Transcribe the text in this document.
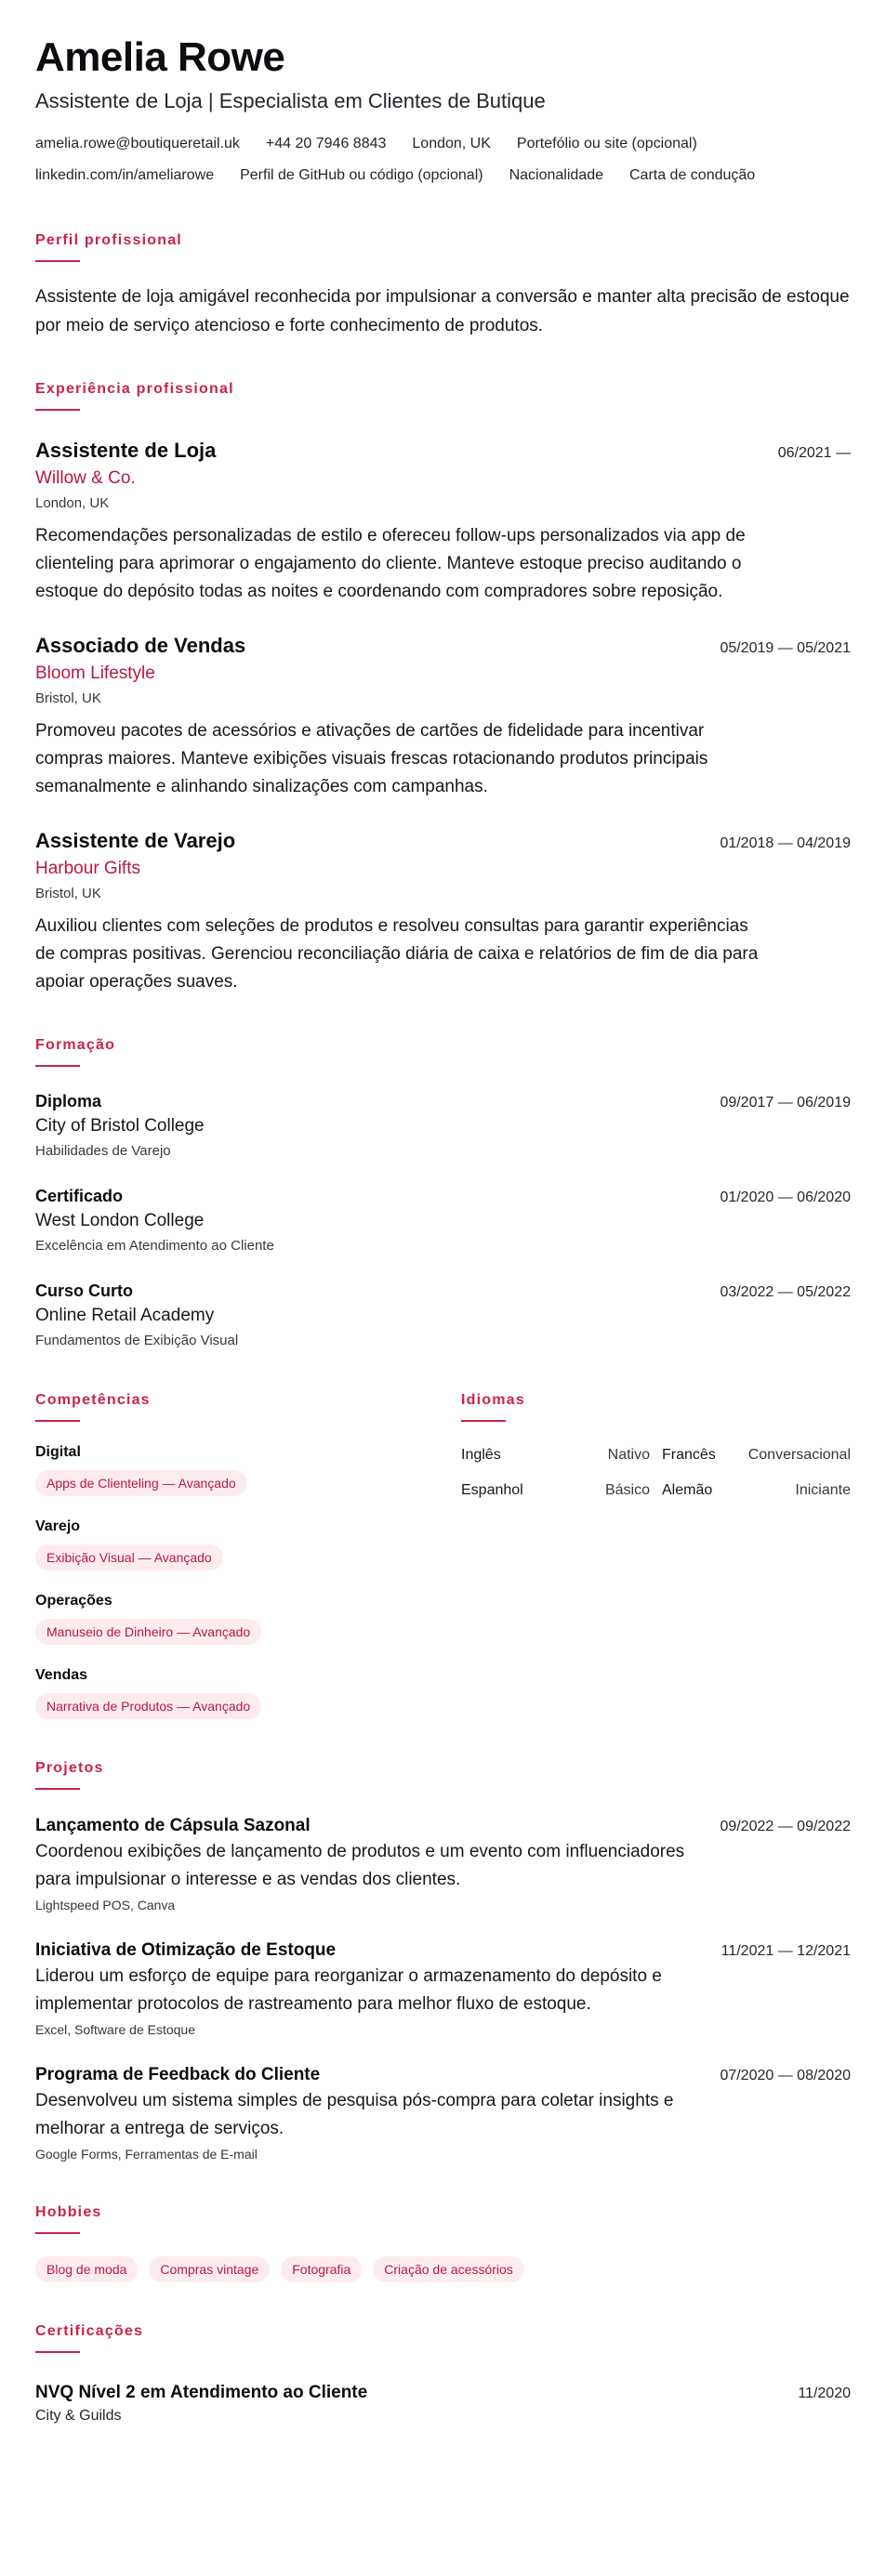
Amelia Rowe
Assistente de Loja | Especialista em Clientes de Butique
amelia.rowe@boutiqueretail.uk +44 20 7946 8843 London, UK Portefólio ou site (opcional)
linkedin.com/in/ameliarowe Perfil de GitHub ou código (opcional) Nacionalidade Carta de condução
Perfil profissional

Assistente de loja amigável reconhecida por impulsionar a conversão e manter alta precisão de estoque por meio de serviço atencioso e forte conhecimento de produtos.

Experiência profissional
Assistente de Loja	06/2021 —
Willow & Co.
London, UK

Recomendações personalizadas de estilo e ofereceu follow-ups personalizados via app de clienteling para aprimorar o engajamento do cliente. Manteve estoque preciso auditando o estoque do depósito todas as noites e coordenando com compradores sobre reposição.

Associado de Vendas	05/2019 — 05/2021
Bloom Lifestyle
Bristol, UK

Promoveu pacotes de acessórios e ativações de cartões de fidelidade para incentivar compras maiores. Manteve exibições visuais frescas rotacionando produtos principais semanalmente e alinhando sinalizações com campanhas.

Assistente de Varejo	01/2018 — 04/2019
Harbour Gifts
Bristol, UK

Auxiliou clientes com seleções de produtos e resolveu consultas para garantir experiências de compras positivas. Gerenciou reconciliação diária de caixa e relatórios de fim de dia para apoiar operações suaves.

Formação
Diploma	09/2017 — 06/2019
City of Bristol College
Habilidades de Varejo
Certificado	01/2020 — 06/2020
West London College
Excelência em Atendimento ao Cliente
Curso Curto	03/2022 — 05/2022
Online Retail Academy
Fundamentos de Exibição Visual
Competências
Digital
Apps de Clienteling — Avançado
Varejo
Exibição Visual — Avançado
Operações
Manuseio de Dinheiro — Avançado
Vendas
Narrativa de Produtos — Avançado
Idiomas
Inglês	Nativo Francês Conversacional
Espanhol	Básico Alemão	Iniciante
Projetos
Lançamento de Cápsula Sazonal	09/2022 — 09/2022

Coordenou exibições de lançamento de produtos e um evento com influenciadores para impulsionar o interesse e as vendas dos clientes.

Lightspeed POS, Canva
Iniciativa de Otimização de Estoque	11/2021 — 12/2021

Liderou um esforço de equipe para reorganizar o armazenamento do depósito e implementar protocolos de rastreamento para melhor fluxo de estoque.

Excel, Software de Estoque
Programa de Feedback do Cliente	07/2020 — 08/2020

Desenvolveu um sistema simples de pesquisa pós-compra para coletar insights e melhorar a entrega de serviços.

Google Forms, Ferramentas de E-mail
Hobbies
Blog de moda	Compras vintage	Fotografia	Criação de acessórios
Certificações
NVQ Nível 2 em Atendimento ao Cliente	11/2020
City & Guilds
